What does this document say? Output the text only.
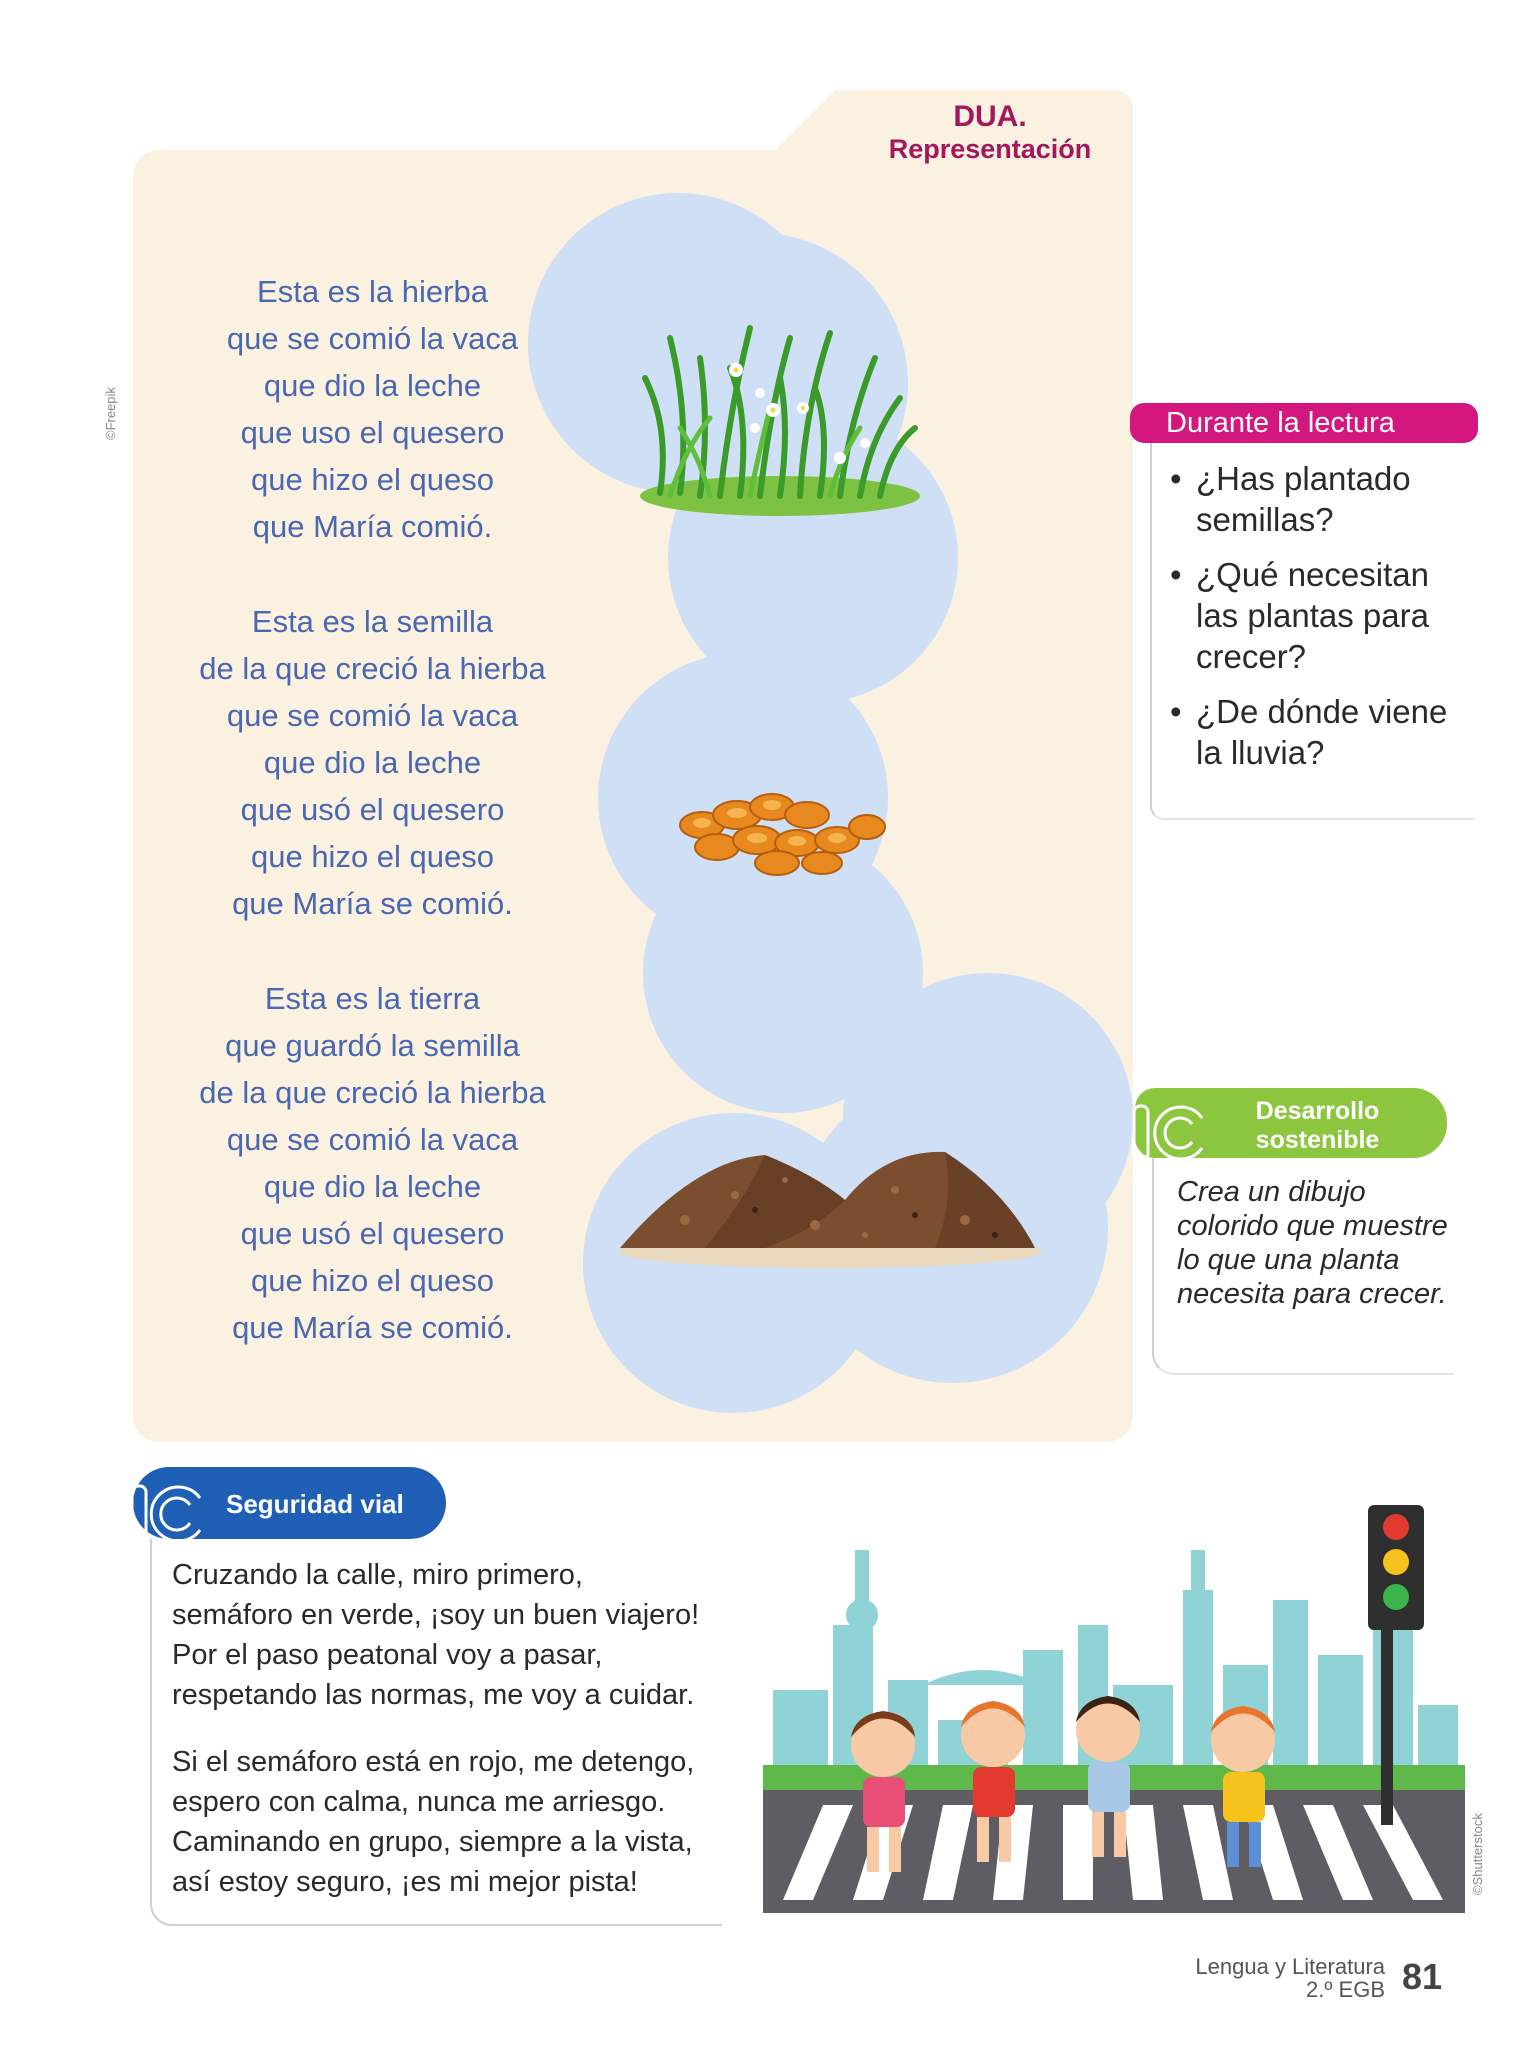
DUA.
Representación
Esta es la hierba
que se comió la vaca
que dio la leche
que uso el quesero
que hizo el queso
que María comió.
Esta es la semilla
de la que creció la hierba
que se comió la vaca
que dio la leche
que usó el quesero
que hizo el queso
que María se comió.
Esta es la tierra
que guardó la semilla
de la que creció la hierba
que se comió la vaca
que dio la leche
que usó el quesero
que hizo el queso
que María se comió.
Durante la lectura
• ¿Has plantado semillas?
• ¿Qué necesitan las plantas para crecer?
• ¿De dónde viene la lluvia?
Desarrollo sostenible
Crea un dibujo colorido que muestre lo que una planta necesita para crecer.
Seguridad vial

Cruzando la calle, miro primero,
semáforo en verde, ¡soy un buen viajero!
Por el paso peatonal voy a pasar,
respetando las normas, me voy a cuidar.

Si el semáforo está en rojo, me detengo,
espero con calma, nunca me arriesgo.
Caminando en grupo, siempre a la vista,
así estoy seguro, ¡es mi mejor pista!

©Freepik
©Shutterstock
Lengua y Literatura
2.º EGB 81
